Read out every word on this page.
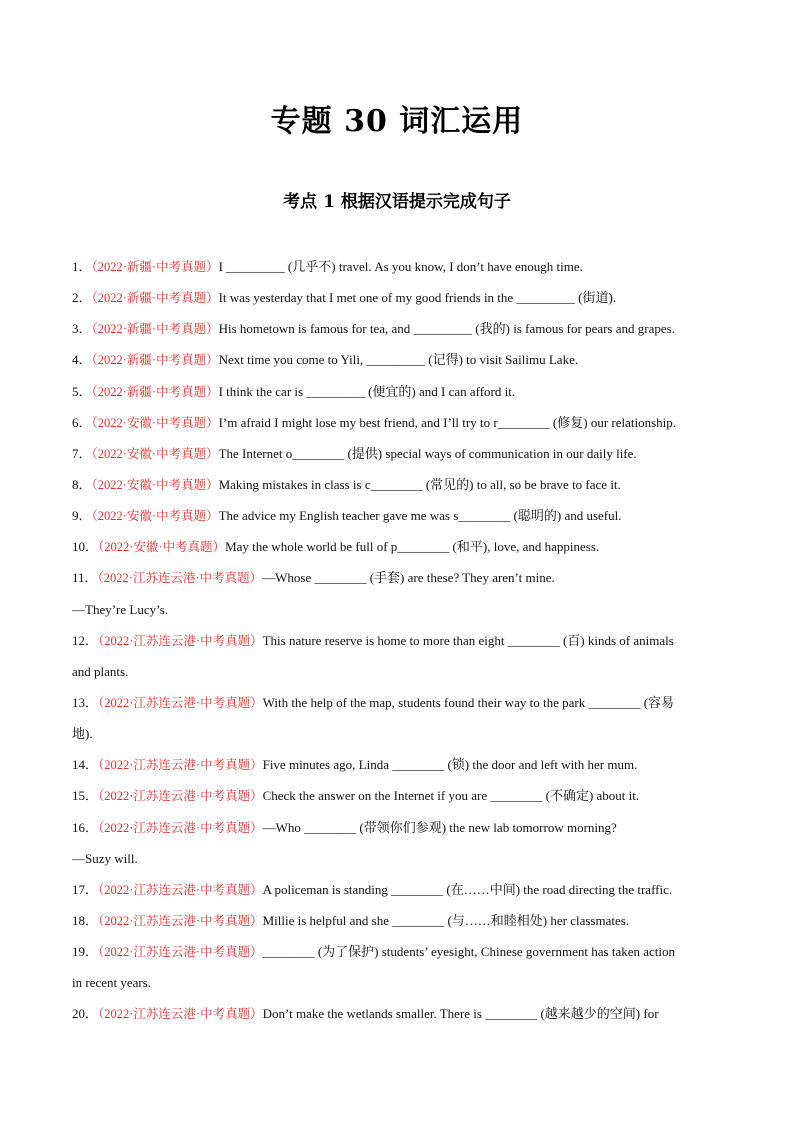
专题 30 词汇运用
考点 1 根据汉语提示完成句子
1．（2022·新疆·中考真题）I _________ (几乎不) travel. As you know, I don’t have enough time.
2．（2022·新疆·中考真题）It was yesterday that I met one of my good friends in the _________ (街道).
3．（2022·新疆·中考真题）His hometown is famous for tea, and _________ (我的) is famous for pears and grapes.
4．（2022·新疆·中考真题）Next time you come to Yili, _________ (记得) to visit Sailimu Lake.
5．（2022·新疆·中考真题）I think the car is _________ (便宜的) and I can afford it.
6．（2022·安徽·中考真题）I’m afraid I might lose my best friend, and I’ll try to r________ (修复) our relationship.
7．（2022·安徽·中考真题）The Internet o________ (提供) special ways of communication in our daily life.
8．（2022·安徽·中考真题）Making mistakes in class is c________ (常见的) to all, so be brave to face it.
9．（2022·安徽·中考真题）The advice my English teacher gave me was s________ (聪明的) and useful.
10．（2022·安徽·中考真题）May the whole world be full of p________ (和平), love, and happiness.
11．（2022·江苏连云港·中考真题）—Whose ________ (手套) are these? They aren’t mine.
—They’re Lucy’s.
12．（2022·江苏连云港·中考真题）This nature reserve is home to more than eight ________ (百) kinds of animals
and plants.
13．（2022·江苏连云港·中考真题）With the help of the map, students found their way to the park ________ (容易
地).
14．（2022·江苏连云港·中考真题）Five minutes ago, Linda ________ (锁) the door and left with her mum.
15．（2022·江苏连云港·中考真题）Check the answer on the Internet if you are ________ (不确定) about it.
16．（2022·江苏连云港·中考真题）—Who ________ (带领你们参观) the new lab tomorrow morning?
—Suzy will.
17．（2022·江苏连云港·中考真题）A policeman is standing ________ (在……中间) the road directing the traffic.
18．（2022·江苏连云港·中考真题）Millie is helpful and she ________ (与……和睦相处) her classmates.
19．（2022·江苏连云港·中考真题）________ (为了保护) students’ eyesight, Chinese government has taken action
in recent years.
20．（2022·江苏连云港·中考真题）Don’t make the wetlands smaller. There is ________ (越来越少的空间) for
